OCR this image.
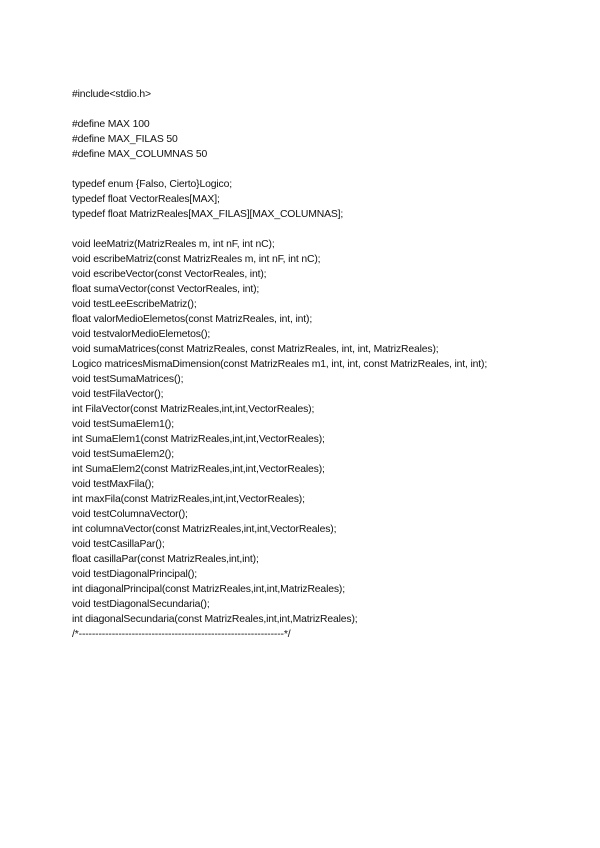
#include<stdio.h>
#define MAX 100
#define MAX_FILAS 50
#define MAX_COLUMNAS 50
typedef enum {Falso, Cierto}Logico;
typedef float VectorReales[MAX];
typedef float MatrizReales[MAX_FILAS][MAX_COLUMNAS];
void leeMatriz(MatrizReales m, int nF, int nC);
void escribeMatriz(const MatrizReales m, int nF, int nC);
void escribeVector(const VectorReales, int);
float sumaVector(const VectorReales, int);
void testLeeEscribeMatriz();
float valorMedioElemetos(const MatrizReales, int, int);
void testvalorMedioElemetos();
void sumaMatrices(const MatrizReales, const MatrizReales, int, int, MatrizReales);
Logico matricesMismaDimension(const MatrizReales m1, int, int, const MatrizReales, int, int);
void testSumaMatrices();
void testFilaVector();
int FilaVector(const MatrizReales,int,int,VectorReales);
void testSumaElem1();
int SumaElem1(const MatrizReales,int,int,VectorReales);
void testSumaElem2();
int SumaElem2(const MatrizReales,int,int,VectorReales);
void testMaxFila();
int maxFila(const MatrizReales,int,int,VectorReales);
void testColumnaVector();
int columnaVector(const MatrizReales,int,int,VectorReales);
void testCasillaPar();
float casillaPar(const MatrizReales,int,int);
void testDiagonalPrincipal();
int diagonalPrincipal(const MatrizReales,int,int,MatrizReales);
void testDiagonalSecundaria();
int diagonalSecundaria(const MatrizReales,int,int,MatrizReales);
/*--------------------------------------------------------------*/
